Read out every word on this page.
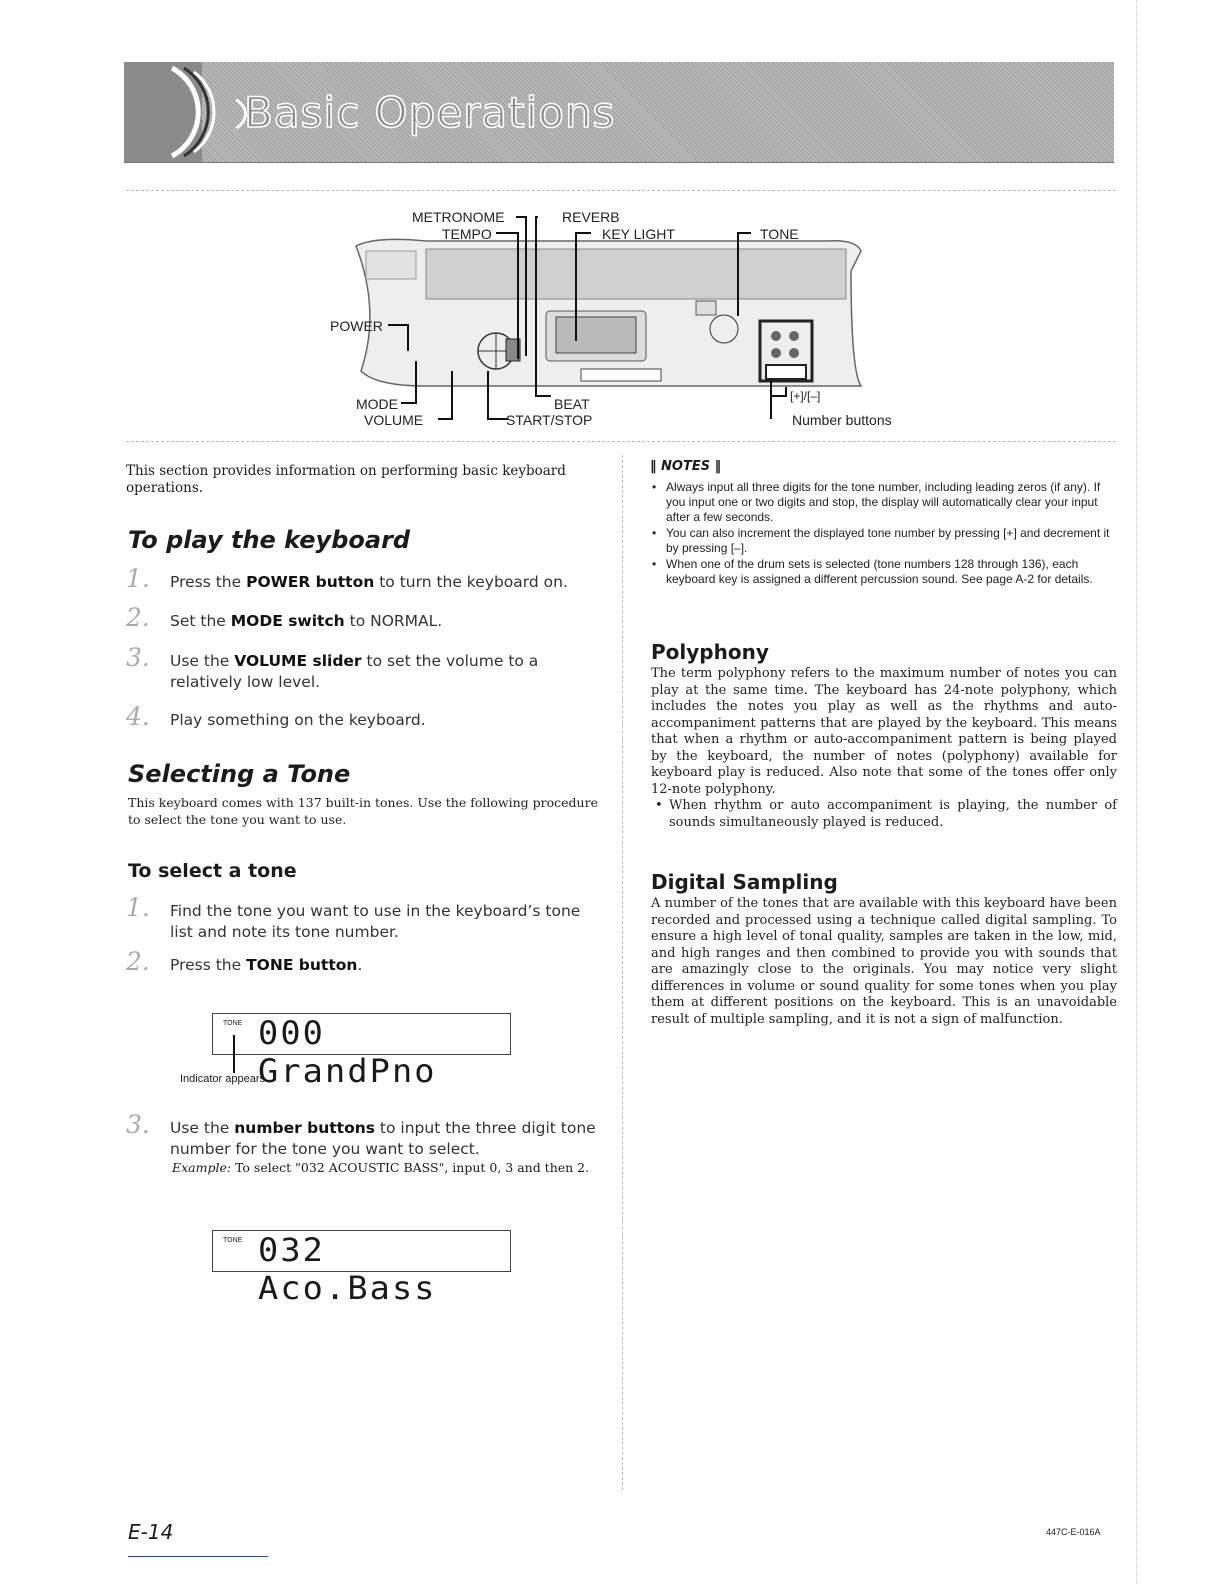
Basic Operations
METRONOME
TEMPO
REVERB
KEY LIGHT	TONE
POWER
MODE
VOLUME
BEAT
START/STOP
[+]/[–]
Number buttons
This section provides information on performing basic keyboard operations.
To play the keyboard
1. Press the POWER button to turn the keyboard on.
2. Set the MODE switch to NORMAL.
3. Use the VOLUME slider to set the volume to a relatively low level.
4. Play something on the keyboard.
Selecting a Tone
This keyboard comes with 137 built-in tones. Use the following procedure to select the tone you want to use.
To select a tone
1. Find the tone you want to use in the keyboard’s tone list and note its tone number.
2. Press the TONE button.
TONE 000 GrandPno
Indicator appears
3. Use the number buttons to input the three digit tone number for the tone you want to select.
Example: To select "032 ACOUSTIC BASS", input 0, 3 and then 2.
TONE 032 Aco.Bass
‖ NOTES ‖
• Always input all three digits for the tone number, including leading zeros (if any). If you input one or two digits and stop, the display will automatically clear your input after a few seconds.
• You can also increment the displayed tone number by pressing [+] and decrement it by pressing [–].
• When one of the drum sets is selected (tone numbers 128 through 136), each keyboard key is assigned a different percussion sound. See page A-2 for details.
Polyphony
The term polyphony refers to the maximum number of notes you can play at the same time. The keyboard has 24-note polyphony, which includes the notes you play as well as the rhythms and auto-accompaniment patterns that are played by the keyboard. This means that when a rhythm or auto-accompaniment pattern is being played by the keyboard, the number of notes (polyphony) available for keyboard play is reduced. Also note that some of the tones offer only 12-note polyphony.
• When rhythm or auto accompaniment is playing, the number of sounds simultaneously played is reduced.
Digital Sampling
A number of the tones that are available with this keyboard have been recorded and processed using a technique called digital sampling. To ensure a high level of tonal quality, samples are taken in the low, mid, and high ranges and then combined to provide you with sounds that are amazingly close to the originals. You may notice very slight differences in volume or sound quality for some tones when you play them at different positions on the keyboard. This is an unavoidable result of multiple sampling, and it is not a sign of malfunction.
E-14	447C-E-016A
